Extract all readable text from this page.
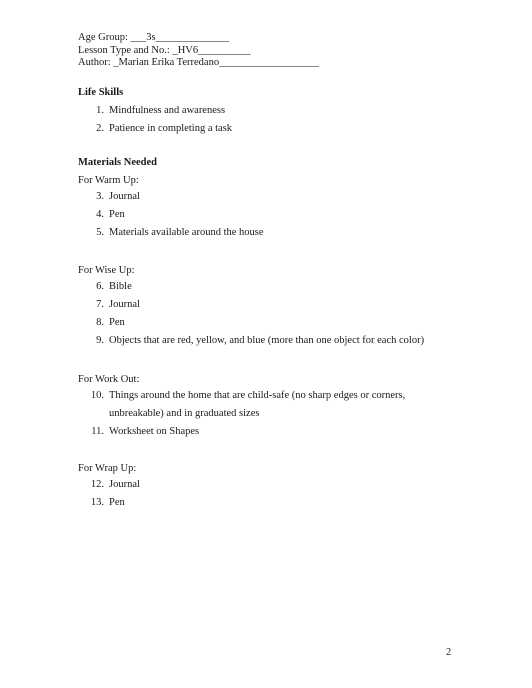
Age Group: ___3s______________
Lesson Type and No.: _HV6__________
Author: _Marian Erika Terredano___________________
Life Skills
1. Mindfulness and awareness
2. Patience in completing a task
Materials Needed
For Warm Up:
3. Journal
4. Pen
5. Materials available around the house
For Wise Up:
6. Bible
7. Journal
8. Pen
9. Objects that are red, yellow, and blue (more than one object for each color)
For Work Out:
10. Things around the home that are child-safe (no sharp edges or corners, unbreakable) and in graduated sizes
11. Worksheet on Shapes
For Wrap Up:
12. Journal
13. Pen
2
